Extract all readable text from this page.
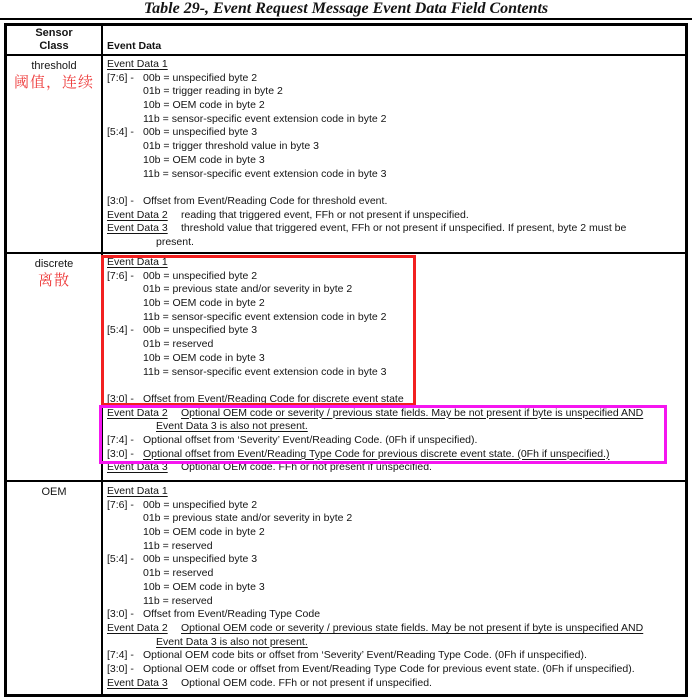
Table 29-, Event Request Message Event Data Field Contents
Sensor
Class	Event Data
threshold
阈值，连续
Event Data 1
[7:6] - 00b = unspecified byte 2
01b = trigger reading in byte 2
10b = OEM code in byte 2
11b = sensor-specific event extension code in byte 2
[5:4] - 00b = unspecified byte 3
01b = trigger threshold value in byte 3
10b = OEM code in byte 3
11b = sensor-specific event extension code in byte 3
[3:0] - Offset from Event/Reading Code for threshold event.
Event Data 2 reading that triggered event, FFh or not present if unspecified.
Event Data 3 threshold value that triggered event, FFh or not present if unspecified. If present, byte 2 must be
present.
discrete
离散
Event Data 1
[7:6] - 00b = unspecified byte 2
01b = previous state and/or severity in byte 2
10b = OEM code in byte 2
11b = sensor-specific event extension code in byte 2
[5:4] - 00b = unspecified byte 3
01b = reserved
10b = OEM code in byte 3
11b = sensor-specific event extension code in byte 3
[3:0] - Offset from Event/Reading Code for discrete event state
Event Data 2 Optional OEM code or severity / previous state fields. May be not present if byte is unspecified AND
Event Data 3 is also not present.
[7:4] - Optional offset from ‘Severity’ Event/Reading Code. (0Fh if unspecified).
[3:0] - Optional offset from Event/Reading Type Code for previous discrete event state. (0Fh if unspecified.)
Event Data 3 Optional OEM code. FFh or not present if unspecified.
OEM	Event Data 1
[7:6] - 00b = unspecified byte 2
01b = previous state and/or severity in byte 2
10b = OEM code in byte 2
11b = reserved
[5:4] - 00b = unspecified byte 3
01b = reserved
10b = OEM code in byte 3
11b = reserved
[3:0] - Offset from Event/Reading Type Code
Event Data 2 Optional OEM code or severity / previous state fields. May be not present if byte is unspecified AND
Event Data 3 is also not present.
[7:4] - Optional OEM code bits or offset from ‘Severity’ Event/Reading Type Code. (0Fh if unspecified).
[3:0] - Optional OEM code or offset from Event/Reading Type Code for previous event state. (0Fh if unspecified).
Event Data 3 Optional OEM code. FFh or not present if unspecified.
